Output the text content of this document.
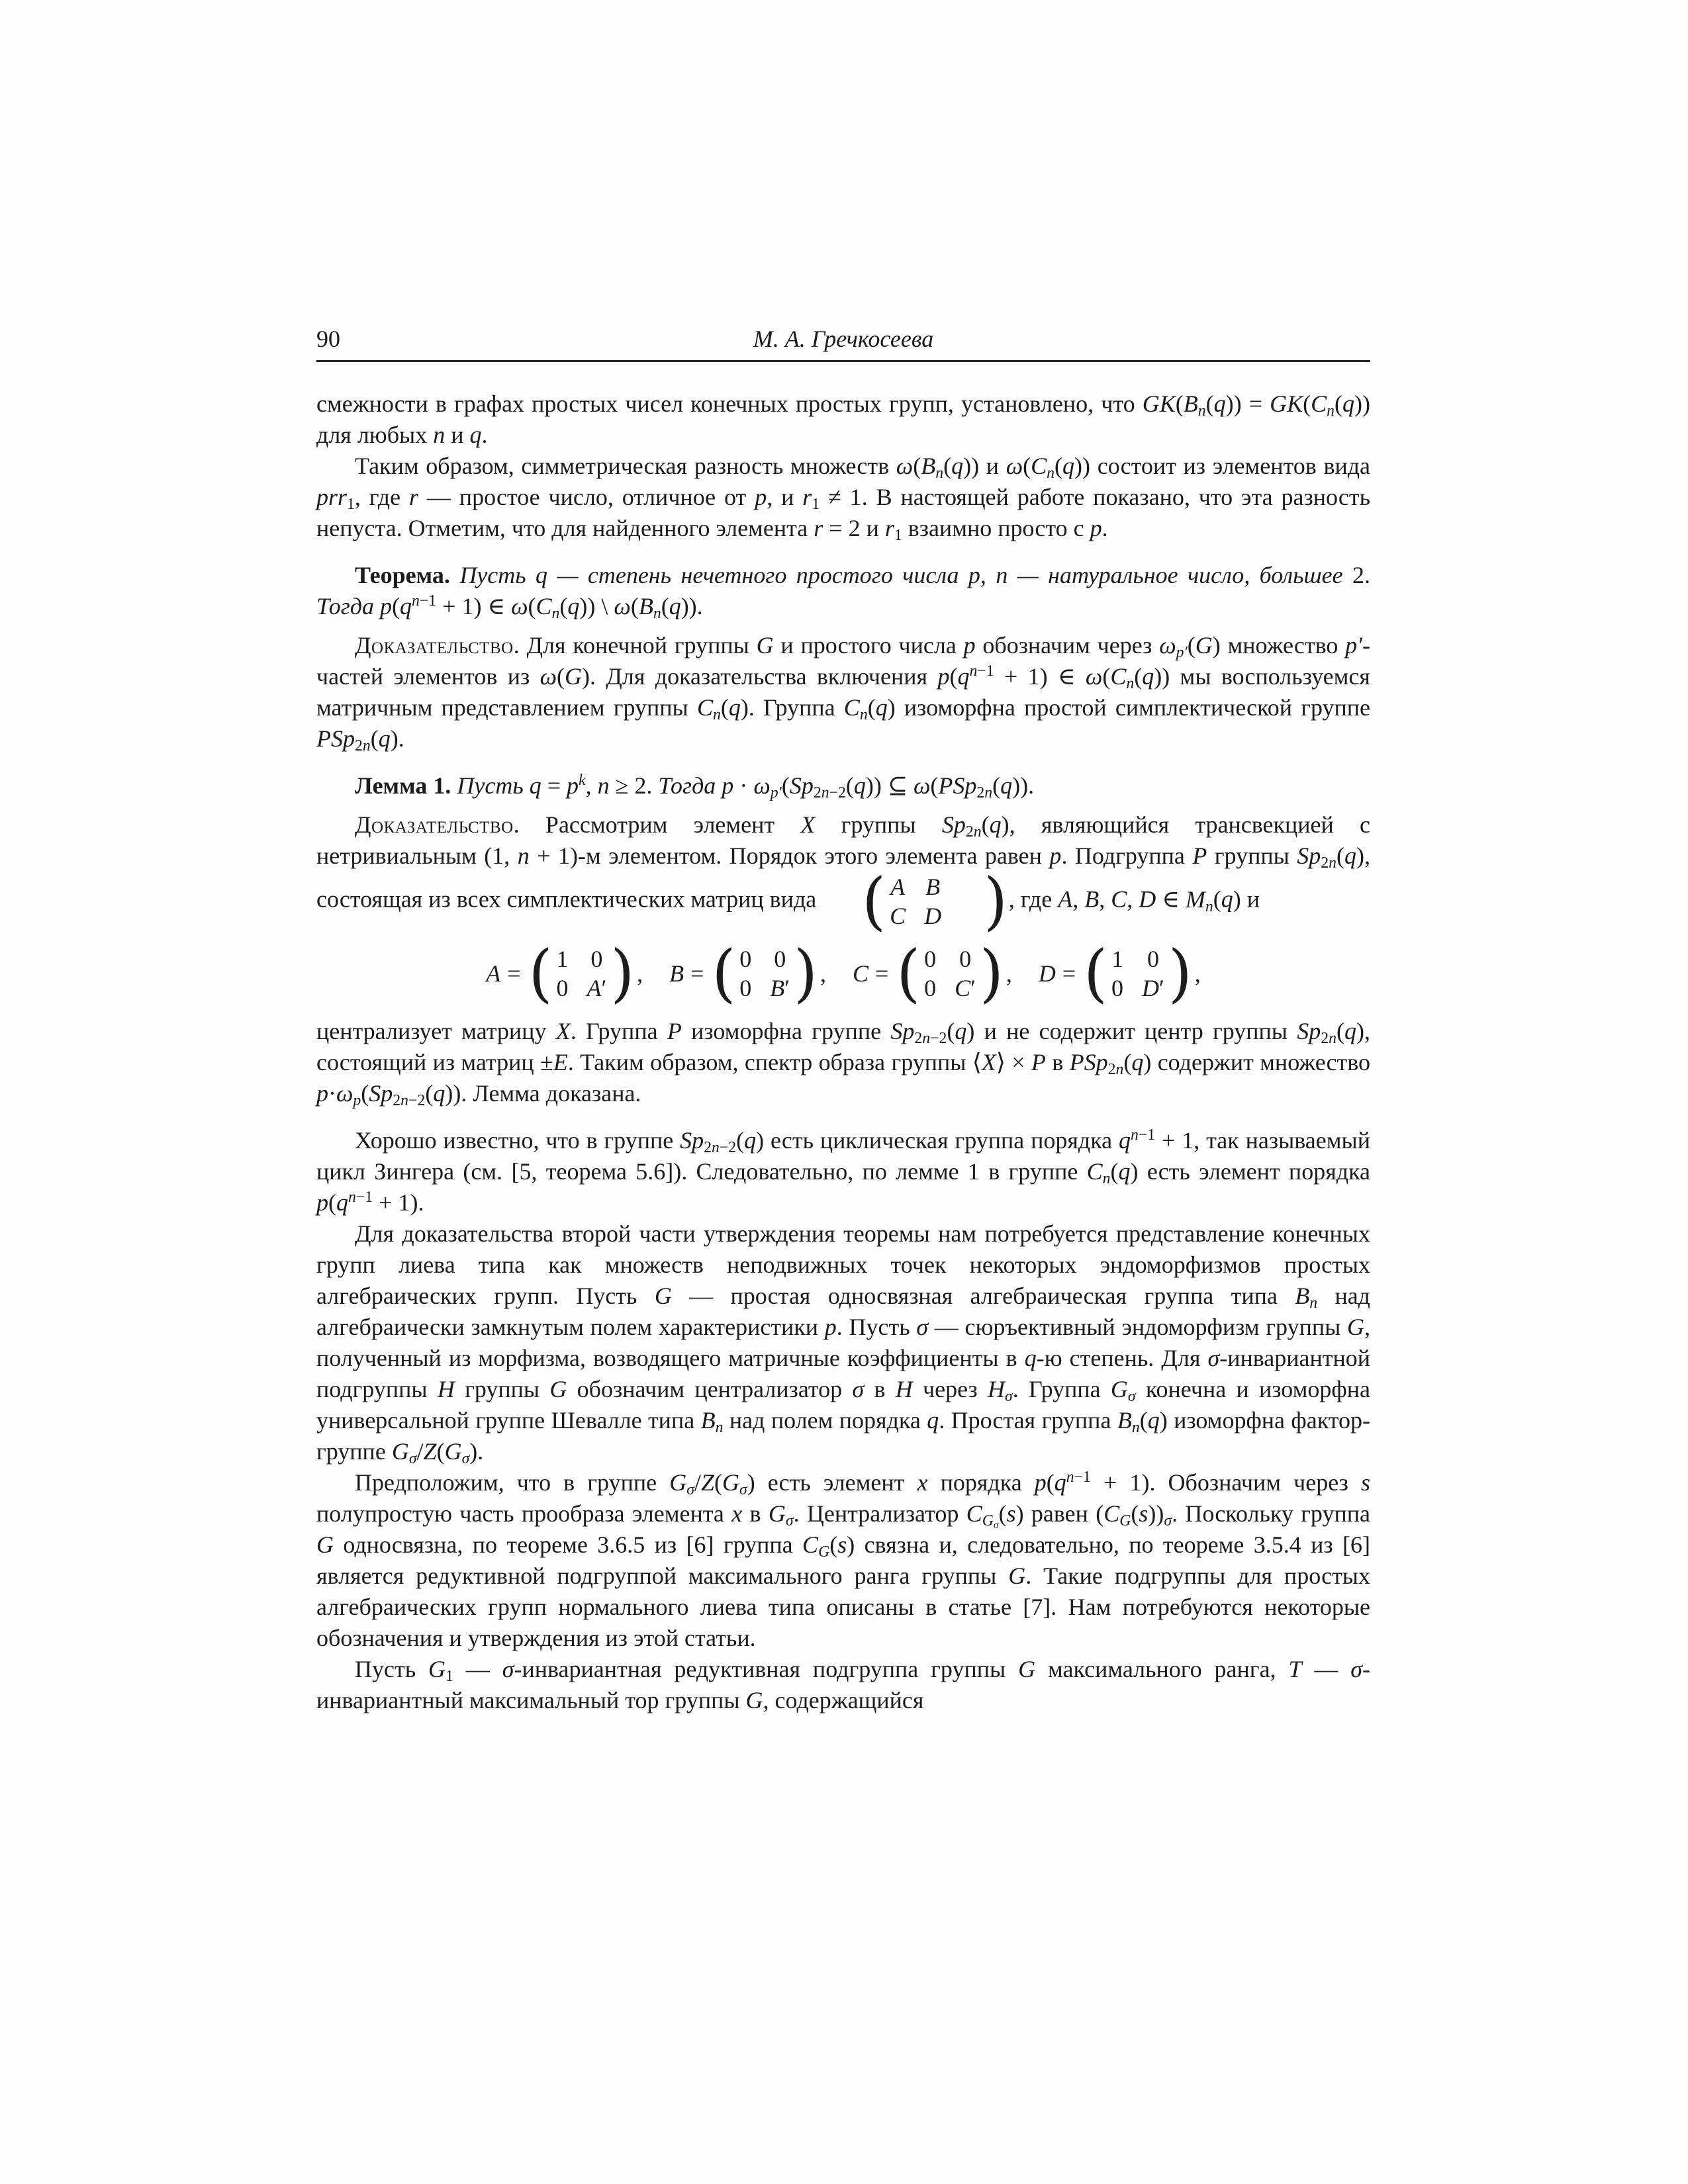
90	М. А. Гречкосеева

смежности в графах простых чисел конечных простых групп, установлено, что $GK(B_n(q)) = GK(C_n(q))$ для любых n и q.

Таким образом, симметрическая разность множеств $\omega(B_n(q))$ и $\omega(C_n(q))$ состоит из элементов вида prr$_1$, где r — простое число, отличное от p, и $r_1 \ne 1$. В настоящей работе показано, что эта разность непуста. Отметим, что для найденного элемента r = 2 и $r_1$ взаимно просто с p.

Теорема. Пусть q — степень нечетного простого числа p, n — натуральное число, большее 2. Тогда $p(q^{n-1} + 1)$ ∈ $\omega(C_n(q))$ \ $\omega(B_n(q))$.

Доказательство. Для конечной группы G и простого числа p обозначим через $\omega_{p'}(G)$ множество p′-частей элементов из ω(G). Для доказательства включения $p(q^{n-1} + 1)$ ∈ $\omega(C_n(q))$ мы воспользуемся матричным представлением группы $C_n(q)$. Группа $C_n(q)$ изоморфна простой симплектической группе PSp$_{2n}$(q).

Лемма 1. Пусть $q = p^k$, n ≥ 2. Тогда $p \cdot \omega_{p'}(Sp_{2n-2}(q))$ ⊆ ω(PSp$_{2n}$(q)).

Доказательство. Рассмотрим элемент X группы $Sp_{2n}(q)$, являющийся трансвекцией с нетривиальным (1, n + 1)-м элементом. Порядок этого элемента равен p. Подгруппа P группы $Sp_{2n}(q)$, состоящая из всех симплектических матриц вида ( A B
C D ) , где A, B, C, D ∈ $M_n(q)$ и

A = ( 1 0
0 A′ ) , B = ( 0 0
0 B′ ) , C = ( 0 0
0 C′ ) , D = ( 1 0
0 D′ ) ,

централизует матрицу X. Группа P изоморфна группе $Sp_{2n-2}(q)$ и не содержит центр группы $Sp_{2n}(q)$, состоящий из матриц ±E. Таким образом, спектр образа группы ⟨X⟩ × P в PSp$_{2n}$(q) содержит множество $p\cdot\omega_p(Sp_{2n-2}(q))$. Лемма доказана.

Хорошо известно, что в группе $Sp_{2n-2}(q)$ есть циклическая группа порядка $q^{n-1} + 1$, так называемый цикл Зингера (см. [5, теорема 5.6]). Следовательно, по лемме 1 в группе $C_n(q)$ есть элемент порядка $p(q^{n-1} + 1)$.

Для доказательства второй части утверждения теоремы нам потребуется представление конечных групп лиева типа как множеств неподвижных точек некоторых эндоморфизмов простых алгебраических групп. Пусть G — простая односвязная алгебраическая группа типа $B_n$ над алгебраически замкнутым полем характеристики p. Пусть σ — сюръективный эндоморфизм группы G, полученный из морфизма, возводящего матричные коэффициенты в q-ю степень. Для σ-инвариантной подгруппы H группы G обозначим централизатор σ в H через $H_\sigma$. Группа $G_\sigma$ конечна и изоморфна универсальной группе Шевалле типа $B_n$ над полем порядка q. Простая группа $B_n(q)$ изоморфна фактор-группе $G_\sigma/Z(G_\sigma)$.

Предположим, что в группе $G_\sigma/Z(G_\sigma)$ есть элемент x порядка $p(q^{n-1} + 1)$. Обозначим через s полупростую часть прообраза элемента x в $G_\sigma$. Централизатор $C_{G_\sigma}(s)$ равен $(C_G(s))_\sigma$. Поскольку группа G односвязна, по теореме 3.6.5 из [6] группа $C_G(s)$ связна и, следовательно, по теореме 3.5.4 из [6] является редуктивной подгруппой максимального ранга группы G. Такие подгруппы для простых алгебраических групп нормального лиева типа описаны в статье [7]. Нам потребуются некоторые обозначения и утверждения из этой статьи.

Пусть $G_1$ — σ-инвариантная редуктивная подгруппа группы G максимального ранга, T — σ-инвариантный максимальный тор группы G, содержащийся
